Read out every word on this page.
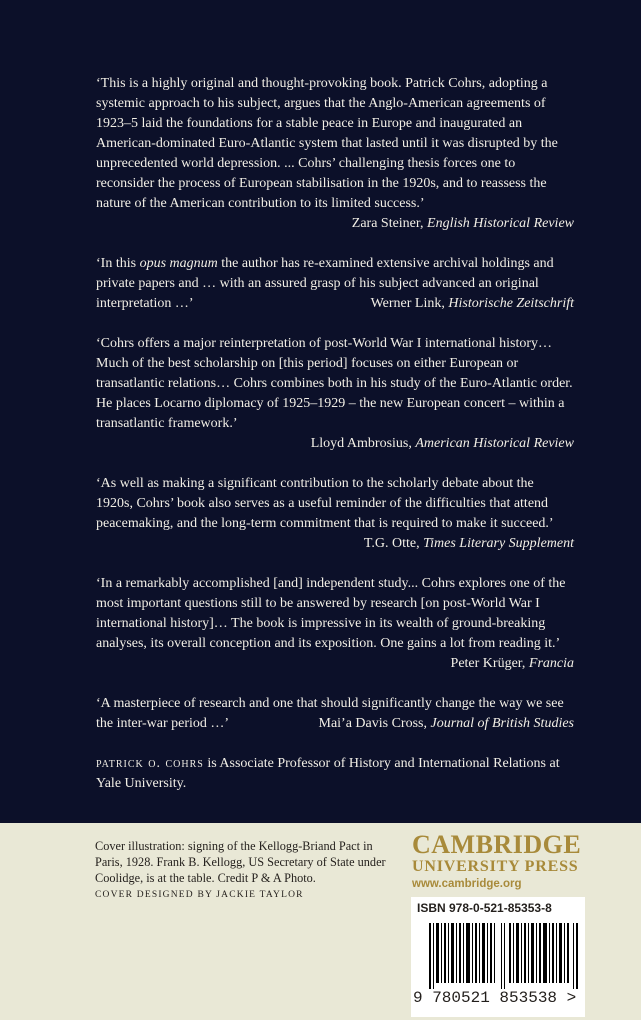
‘This is a highly original and thought-provoking book. Patrick Cohrs, adopting a systemic approach to his subject, argues that the Anglo-American agreements of 1923–5 laid the foundations for a stable peace in Europe and inaugurated an American-dominated Euro-Atlantic system that lasted until it was disrupted by the unprecedented world depression. ... Cohrs’ challenging thesis forces one to reconsider the process of European stabilisation in the 1920s, and to reassess the nature of the American contribution to its limited success.’

Zara Steiner, English Historical Review

‘In this opus magnum the author has re-examined extensive archival holdings and private papers and … with an assured grasp of his subject advanced an original interpretation …’	Werner Link, Historische Zeitschrift

‘Cohrs offers a major reinterpretation of post-World War I international history… Much of the best scholarship on [this period] focuses on either European or transatlantic relations… Cohrs combines both in his study of the Euro-Atlantic order. He places Locarno diplomacy of 1925–1929 – the new European concert – within a transatlantic framework.’

Lloyd Ambrosius, American Historical Review

‘As well as making a significant contribution to the scholarly debate about the 1920s, Cohrs’ book also serves as a useful reminder of the difficulties that attend peacemaking, and the long-term commitment that is required to make it succeed.’
T.G. Otte, Times Literary Supplement

‘In a remarkably accomplished [and] independent study... Cohrs explores one of the most important questions still to be answered by research [on post-World War I international history]… The book is impressive in its wealth of ground-breaking analyses, its overall conception and its exposition. One gains a lot from reading it.’
Peter Krüger, Francia

‘A masterpiece of research and one that should significantly change the way we see the inter-war period …’	Mai’a Davis Cross, Journal of British Studies

patrick o. cohrs is Associate Professor of History and International Relations at Yale University.
Cover illustration: signing of the Kellogg-Briand Pact in Paris, 1928. Frank B. Kellogg, US Secretary of State under Coolidge, is at the table. Credit P & A Photo.
COVER DESIGNED BY JACKIE TAYLOR
CAMBRIDGE
UNIVERSITY PRESS
www.cambridge.org
ISBN 978-0-521-85353-8
9 780521 853538 >
